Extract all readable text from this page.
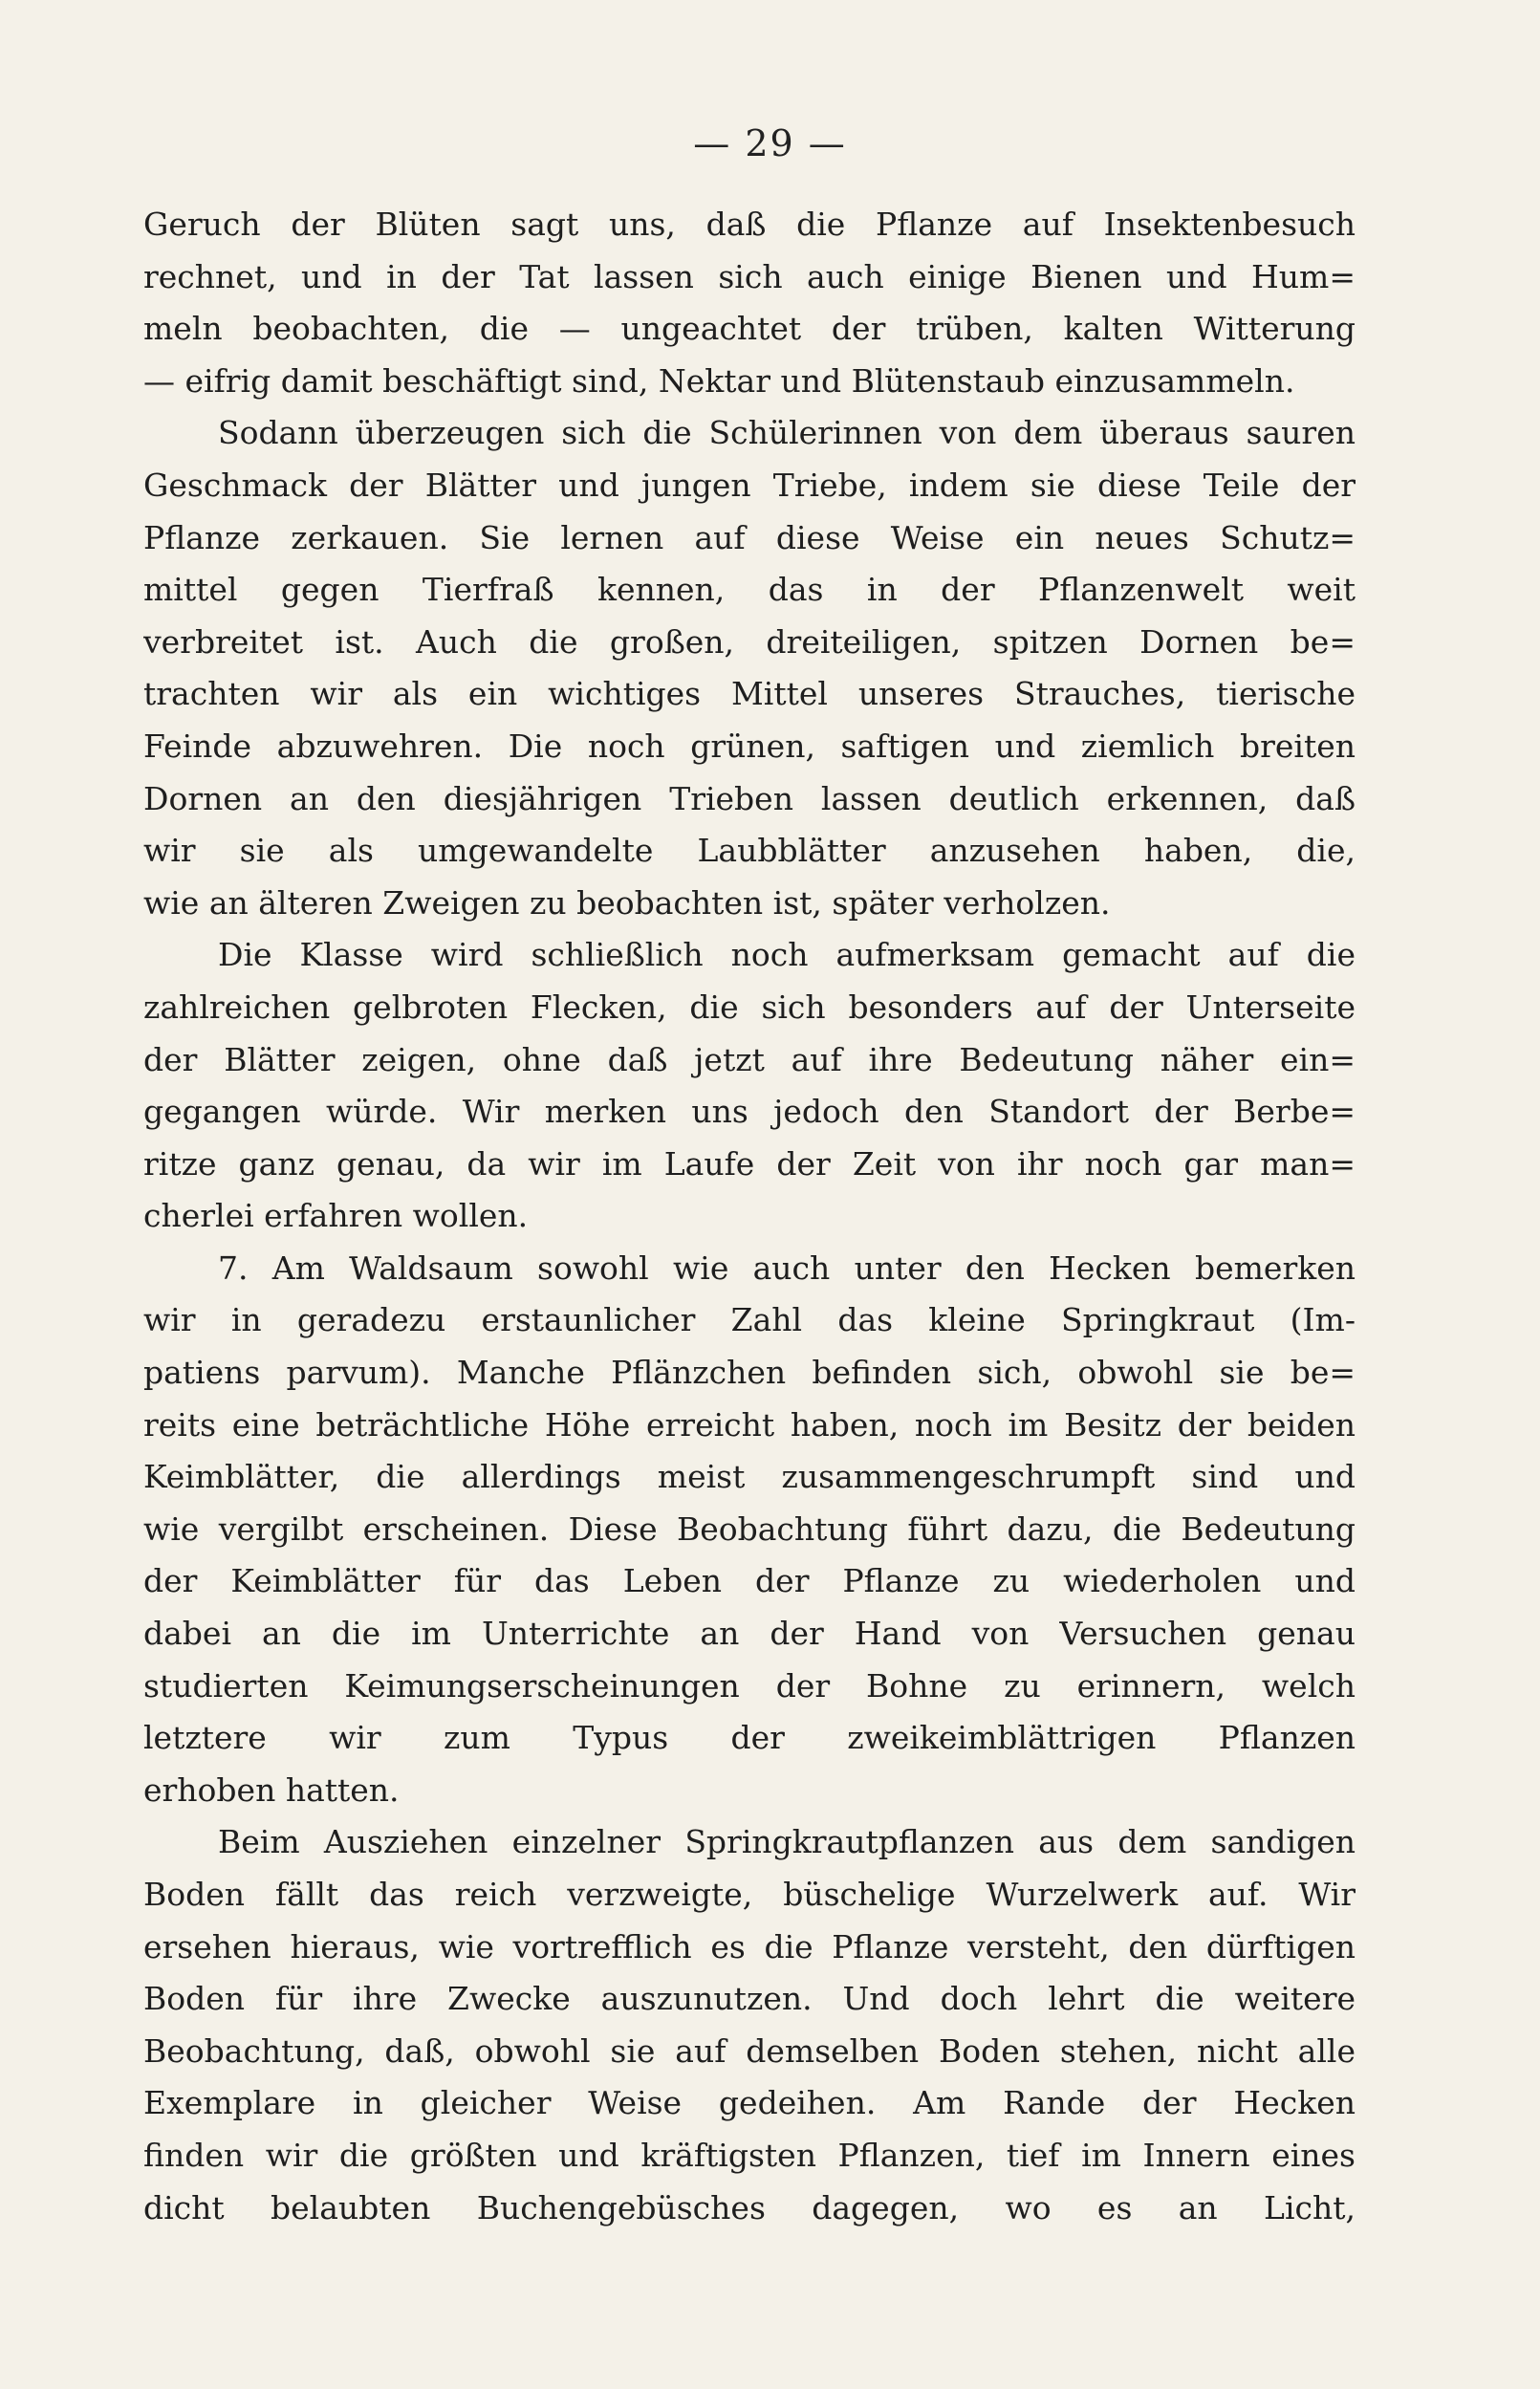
— 29 —
Geruch der Blüten sagt uns, daß die Pflanze auf Insektenbesuch
rechnet, und in der Tat lassen sich auch einige Bienen und Hum=
meln beobachten, die — ungeachtet der trüben, kalten Witterung
— eifrig damit beschäftigt sind, Nektar und Blütenstaub einzusammeln.
Sodann überzeugen sich die Schülerinnen von dem überaus sauren
Geschmack der Blätter und jungen Triebe, indem sie diese Teile der
Pflanze zerkauen. Sie lernen auf diese Weise ein neues Schutz=
mittel gegen Tierfraß kennen, das in der Pflanzenwelt weit
verbreitet ist. Auch die großen, dreiteiligen, spitzen Dornen be=
trachten wir als ein wichtiges Mittel unseres Strauches, tierische
Feinde abzuwehren. Die noch grünen, saftigen und ziemlich breiten
Dornen an den diesjährigen Trieben lassen deutlich erkennen, daß
wir sie als umgewandelte Laubblätter anzusehen haben, die,
wie an älteren Zweigen zu beobachten ist, später verholzen.
Die Klasse wird schließlich noch aufmerksam gemacht auf die
zahlreichen gelbroten Flecken, die sich besonders auf der Unterseite
der Blätter zeigen, ohne daß jetzt auf ihre Bedeutung näher ein=
gegangen würde. Wir merken uns jedoch den Standort der Berbe=
ritze ganz genau, da wir im Laufe der Zeit von ihr noch gar man=
cherlei erfahren wollen.
7. Am Waldsaum sowohl wie auch unter den Hecken bemerken
wir in geradezu erstaunlicher Zahl das kleine Springkraut (Im-
patiens parvum). Manche Pflänzchen befinden sich, obwohl sie be=
reits eine beträchtliche Höhe erreicht haben, noch im Besitz der beiden
Keimblätter, die allerdings meist zusammengeschrumpft sind und
wie vergilbt erscheinen. Diese Beobachtung führt dazu, die Bedeutung
der Keimblätter für das Leben der Pflanze zu wiederholen und
dabei an die im Unterrichte an der Hand von Versuchen genau
studierten Keimungserscheinungen der Bohne zu erinnern, welch
letztere wir zum Typus der zweikeimblättrigen Pflanzen
erhoben hatten.
Beim Ausziehen einzelner Springkrautpflanzen aus dem sandigen
Boden fällt das reich verzweigte, büschelige Wurzelwerk auf. Wir
ersehen hieraus, wie vortrefflich es die Pflanze versteht, den dürftigen
Boden für ihre Zwecke auszunutzen. Und doch lehrt die weitere
Beobachtung, daß, obwohl sie auf demselben Boden stehen, nicht alle
Exemplare in gleicher Weise gedeihen. Am Rande der Hecken
finden wir die größten und kräftigsten Pflanzen, tief im Innern eines
dicht belaubten Buchengebüsches dagegen, wo es an Licht,
